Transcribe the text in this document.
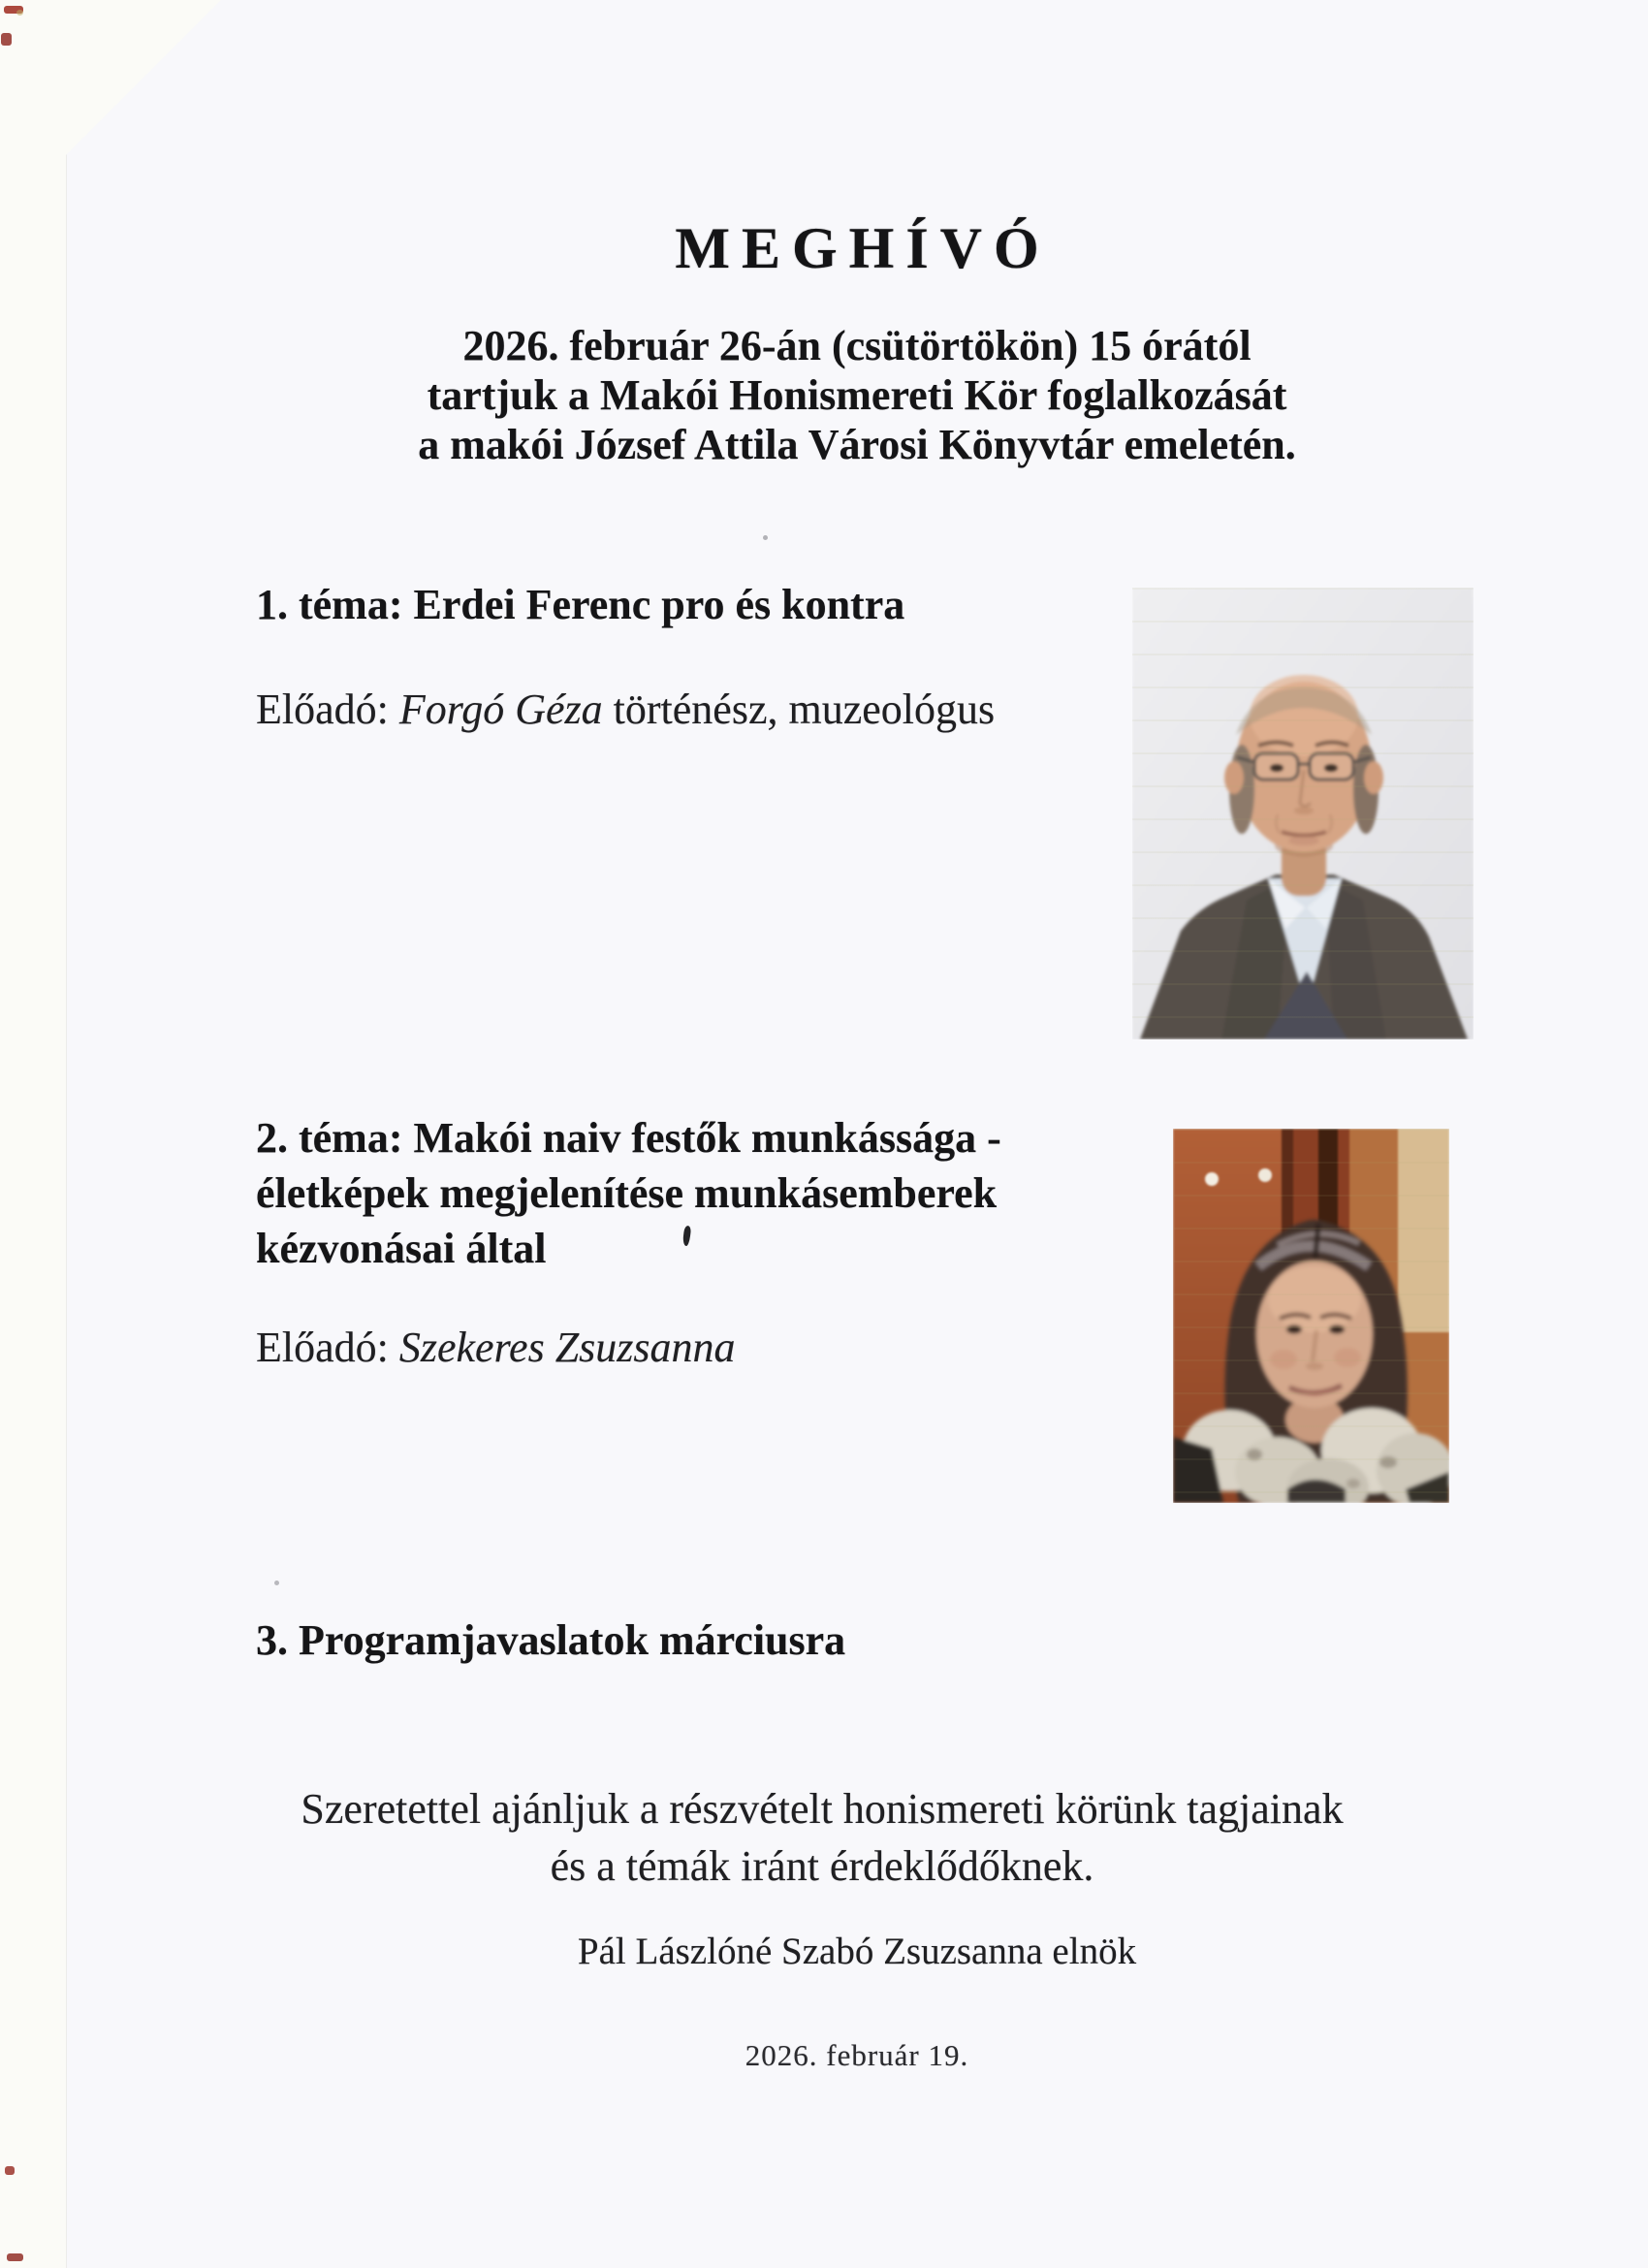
MEGHÍVÓ
2026. február 26-án (csütörtökön) 15 órától
tartjuk a Makói Honismereti Kör foglalkozását
a makói József Attila Városi Könyvtár emeletén.
1. téma: Erdei Ferenc pro és kontra
Előadó: Forgó Géza történész, muzeológus
2. téma: Makói naiv festők munkássága -
életképek megjelenítése munkásemberek
kézvonásai által
Előadó: Szekeres Zsuzsanna
3. Programjavaslatok márciusra
Szeretettel ajánljuk a részvételt honismereti körünk tagjainak
és a témák iránt érdeklődőknek.
Pál Lászlóné Szabó Zsuzsanna elnök
2026. február 19.
